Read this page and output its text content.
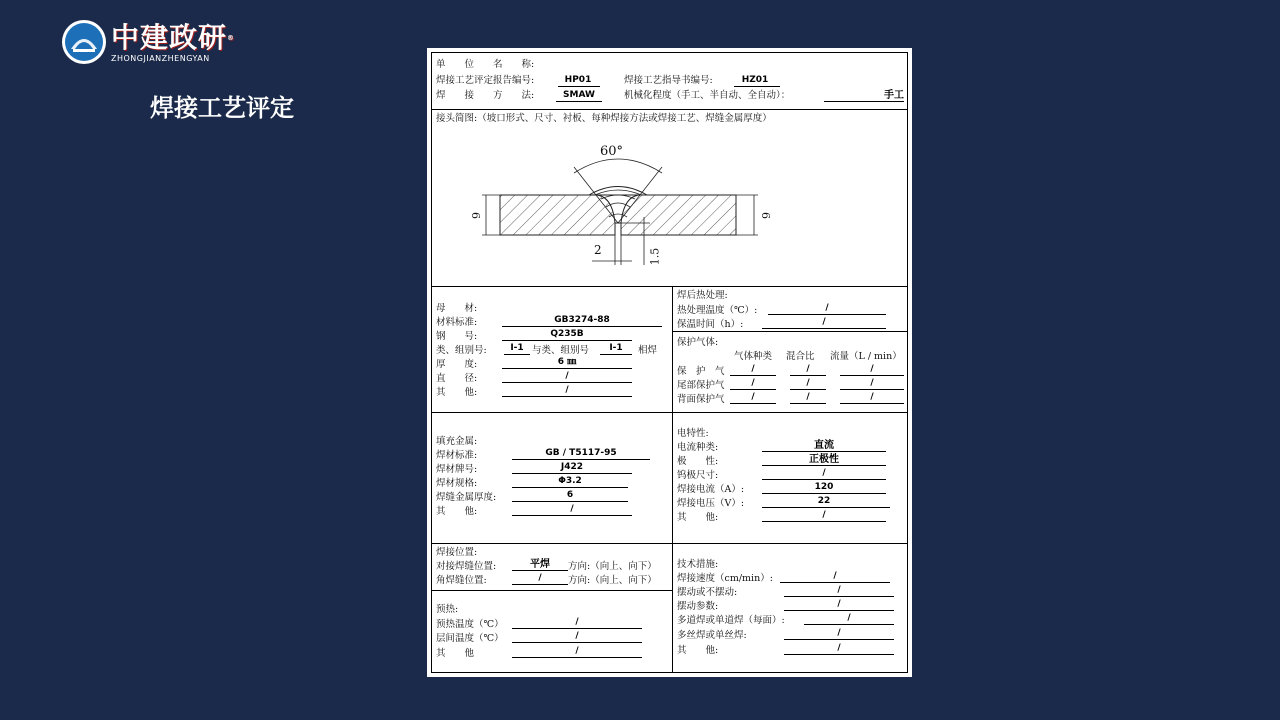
中建政研®
ZHONGJIANZHENGYAN
焊接工艺评定
单　　位　　名　　称:
焊接工艺评定报告编号:	HP01	焊接工艺指导书编号:	HZ01
焊　　接　　方　　法:	SMAW	机械化程度（手工、半自动、全自动）：	手工
接头简图:（坡口形式、尺寸、衬板、每种焊接方法或焊接工艺、焊缝金属厚度）
60°
6	6
2	1.5
母　　材:
材料标准:	GB3274-88
钢　　号:	Q235B
类、组别号:	Ⅰ-1 与类、组别号	Ⅰ-1	相焊
厚　　度:	6 ㎜
直　　径:	/
其　　他:	/
焊后热处理:
热处理温度（℃）:	/
保温时间（h）:	/
保护气体:
气体种类 混合比 流量（L / min）
保　护　气	/	/	/
尾部保护气	/	/	/
背面保护气	/	/	/
填充金属:
焊材标准:	GB / T5117-95
焊材牌号:	J422
焊材规格:	Φ3.2
焊缝金属厚度:	6
其　　他:	/
电特性:
电流种类:	直流
极　　性:	正极性
钨极尺寸:	/
焊接电流（A）:	120
焊接电压（V）:	22
其　　他:	/
焊接位置:
对接焊缝位置:	平焊	方向:（向上、向下）
角焊缝位置:	/	方向:（向上、向下）
预热:
预热温度（℃）	/
层间温度（℃）	/
其　　他	/
技术措施:
焊接速度（cm/min）:	/
摆动或不摆动:	/
摆动参数:	/
多道焊或单道焊（每面）:	/
多丝焊或单丝焊:	/
其　　他:	/
